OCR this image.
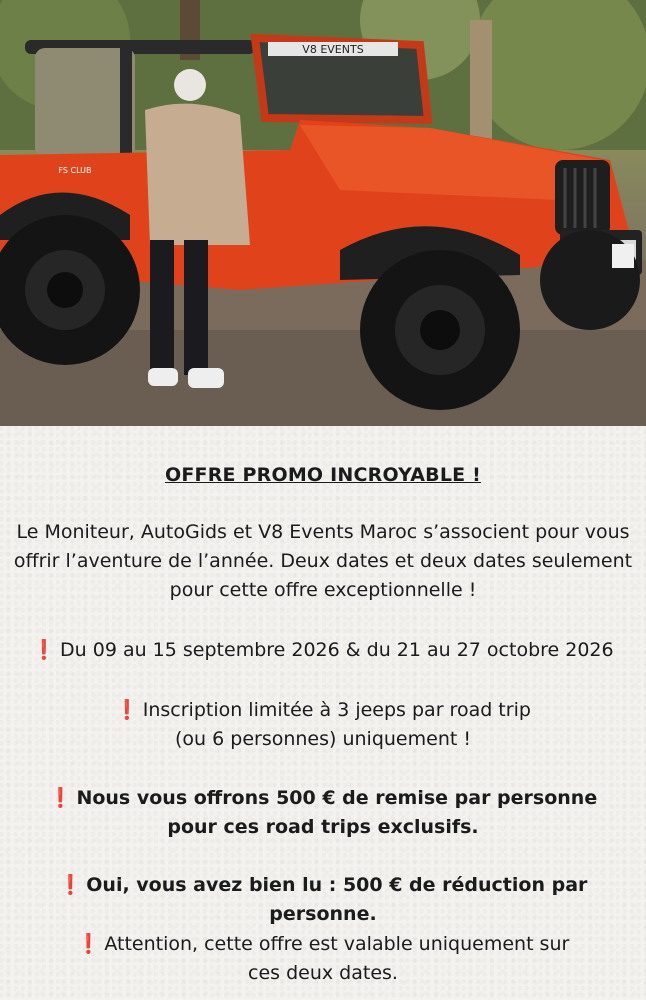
V8 EVENTS
FS CLUB
OFFRE PROMO INCROYABLE !
Le Moniteur, AutoGids et V8 Events Maroc s’associent pour vous
offrir l’aventure de l’année. Deux dates et deux dates seulement
pour cette offre exceptionnelle !
❗ Du 09 au 15 septembre 2026 & du 21 au 27 octobre 2026
❗ Inscription limitée à 3 jeeps par road trip
(ou 6 personnes) uniquement !
❗ Nous vous offrons 500 € de remise par personne
pour ces road trips exclusifs.
❗ Oui, vous avez bien lu : 500 € de réduction par personne.
❗ Attention, cette offre est valable uniquement sur
ces deux dates.
